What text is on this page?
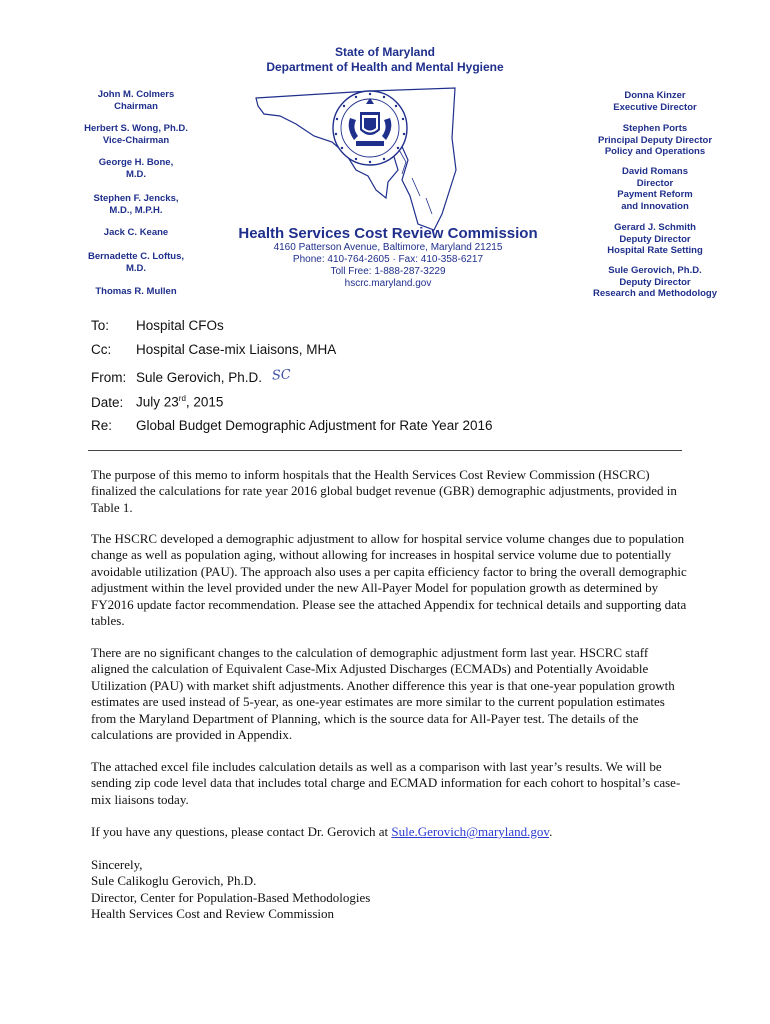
State of Maryland
Department of Health and Mental Hygiene
John M. Colmers
Chairman
Herbert S. Wong, Ph.D.
Vice-Chairman
George H. Bone,
M.D.
Stephen F. Jencks,
M.D., M.P.H.
Jack C. Keane
Bernadette C. Loftus,
M.D.
Thomas R. Mullen
Health Services Cost Review Commission
4160 Patterson Avenue, Baltimore, Maryland 21215
Phone: 410-764-2605 · Fax: 410-358-6217
Toll Free: 1-888-287-3229
hscrc.maryland.gov
Donna Kinzer
Executive Director
Stephen Ports
Principal Deputy Director
Policy and Operations
David Romans
Director
Payment Reform
and Innovation
Gerard J. Schmith
Deputy Director
Hospital Rate Setting
Sule Gerovich, Ph.D.
Deputy Director
Research and Methodology
To: Hospital CFOs
Cc: Hospital Case-mix Liaisons, MHA
From: Sule Gerovich, Ph.D. SC
Date: July 23rd, 2015
Re: Global Budget Demographic Adjustment for Rate Year 2016

The purpose of this memo to inform hospitals that the Health Services Cost Review Commission (HSCRC) finalized the calculations for rate year 2016 global budget revenue (GBR) demographic adjustments, provided in Table 1.

The HSCRC developed a demographic adjustment to allow for hospital service volume changes due to population change as well as population aging, without allowing for increases in hospital service volume due to potentially avoidable utilization (PAU). The approach also uses a per capita efficiency factor to bring the overall demographic adjustment within the level provided under the new All-Payer Model for population growth as determined by FY2016 update factor recommendation. Please see the attached Appendix for technical details and supporting data tables.

There are no significant changes to the calculation of demographic adjustment form last year. HSCRC staff aligned the calculation of Equivalent Case-Mix Adjusted Discharges (ECMADs) and Potentially Avoidable Utilization (PAU) with market shift adjustments. Another difference this year is that one-year population growth estimates are used instead of 5-year, as one-year estimates are more similar to the current population estimates from the Maryland Department of Planning, which is the source data for All-Payer test. The details of the calculations are provided in Appendix.

The attached excel file includes calculation details as well as a comparison with last year’s results. We will be sending zip code level data that includes total charge and ECMAD information for each cohort to hospital’s case-mix liaisons today.

If you have any questions, please contact Dr. Gerovich at Sule.Gerovich@maryland.gov.

Sincerely,
Sule Calikoglu Gerovich, Ph.D.
Director, Center for Population-Based Methodologies
Health Services Cost and Review Commission
